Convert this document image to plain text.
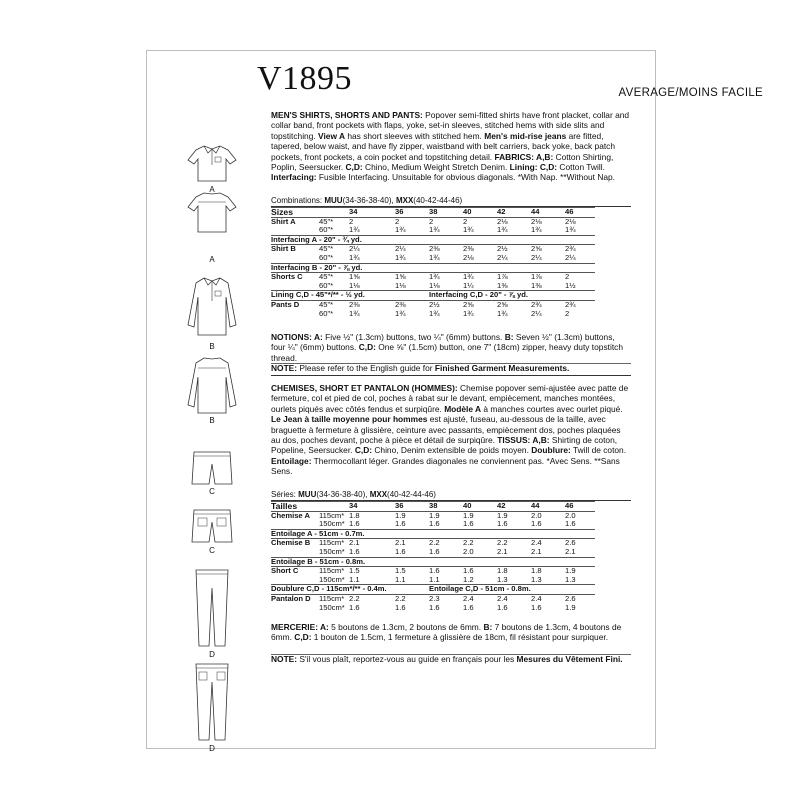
A
A
B
B
C
C
D
D
V1895	AVERAGE/MOINS FACILE
MEN'S SHIRTS, SHORTS AND PANTS: Popover semi-fitted shirts have front placket, collar and collar band, front pockets with flaps, yoke, set-in sleeves, stitched hems with side slits and topstitching. View A has short sleeves with stitched hem. Men's mid-rise jeans are fitted, tapered, below waist, and have fly zipper, waistband with belt carriers, back yoke, back patch pockets, front pockets, a coin pocket and topstitching detail. FABRICS: A,B: Cotton Shirting, Poplin, Seersucker. C,D: Chino, Medium Weight Stretch Denim. Lining: C,D: Cotton Twill. Interfacing: Fusible Interfacing. Unsuitable for obvious diagonals. *With Nap. **Without Nap.
Combinations: MUU(34-36-38-40), MXX(40-42-44-46)
Sizes		34	36	38	40	42	44	46
Shirt A	45"*	2	2	2	2	2⅛	2⅛	2⅛
	60"*	1¾	1¾	1¾	1¾	1¾	1¾	1¾
Interfacing A - 20" - ¾ yd.								
Shirt B	45"*	2¼	2¼	2⅜	2⅜	2½	2⅝	2¾
	60"*	1¾	1¾	1¾	2⅛	2¼	2¼	2¼
Interfacing B - 20" - ⅞ yd.								
Shorts C	45"*	1⅝	1⅝	1¾	1¾	1⅞	1⅞	2
	60"*	1⅛	1⅛	1⅛	1¼	1⅜	1⅜	1½
Lining C,D - 45"*/** - ½ yd.				Interfacing C,D - 20" - ⅞ yd.				
Pants D	45"*	2⅜	2⅜	2½	2⅝	2⅝	2¾	2¾
	60"*	1¾	1¾	1¾	1¾	1¾	2¼	2
NOTIONS: A: Five ½" (1.3cm) buttons, two ¼" (6mm) buttons. B: Seven ½" (1.3cm) buttons, four ¼" (6mm) buttons. C,D: One ⅝" (1.5cm) button, one 7" (18cm) zipper, heavy duty topstitch thread.
NOTE: Please refer to the English guide for Finished Garment Measurements.
CHEMISES, SHORT ET PANTALON (HOMMES): Chemise popover semi-ajustée avec patte de fermeture, col et pied de col, poches à rabat sur le devant, empiècement, manches montées, ourlets piqués avec côtés fendus et surpiqûre. Modèle A à manches courtes avec ourlet piqué. Le Jean à taille moyenne pour hommes est ajusté, fuseau, au-dessous de la taille, avec braguette à fermeture à glissière, ceinture avec passants, empiècement dos, poches plaquées au dos, poches devant, poche à pièce et détail de surpiqûre. TISSUS: A,B: Shirting de coton, Popeline, Seersucker. C,D: Chino, Denim extensible de poids moyen. Doublure: Twill de coton. Entoilage: Thermocollant léger. Grandes diagonales ne conviennent pas. *Avec Sens. **Sans Sens.
Séries: MUU(34-36-38-40), MXX(40-42-44-46)
Tailles		34	36	38	40	42	44	46
Chemise A	115cm*	1.8	1.9	1.9	1.9	1.9	2.0	2.0
	150cm*	1.6	1.6	1.6	1.6	1.6	1.6	1.6
Entoilage A - 51cm - 0.7m.								
Chemise B	115cm*	2.1	2.1	2.2	2.2	2.2	2.4	2.6
	150cm*	1.6	1.6	1.6	2.0	2.1	2.1	2.1
Entoilage B - 51cm - 0.8m.								
Short C	115cm*	1.5	1.5	1.6	1.6	1.8	1.8	1.9
	150cm*	1.1	1.1	1.1	1.2	1.3	1.3	1.3
Doublure C,D - 115cm*/** - 0.4m.				Entoilage C,D - 51cm - 0.8m.				
Pantalon D	115cm*	2.2	2.2	2.3	2.4	2.4	2.4	2.6
	150cm*	1.6	1.6	1.6	1.6	1.6	1.6	1.9
MERCERIE: A: 5 boutons de 1.3cm, 2 boutons de 6mm. B: 7 boutons de 1.3cm, 4 boutons de 6mm. C,D: 1 bouton de 1.5cm, 1 fermeture à glissière de 18cm, fil résistant pour surpiquer.
NOTE: S'il vous plaît, reportez-vous au guide en français pour les Mesures du Vêtement Fini.
